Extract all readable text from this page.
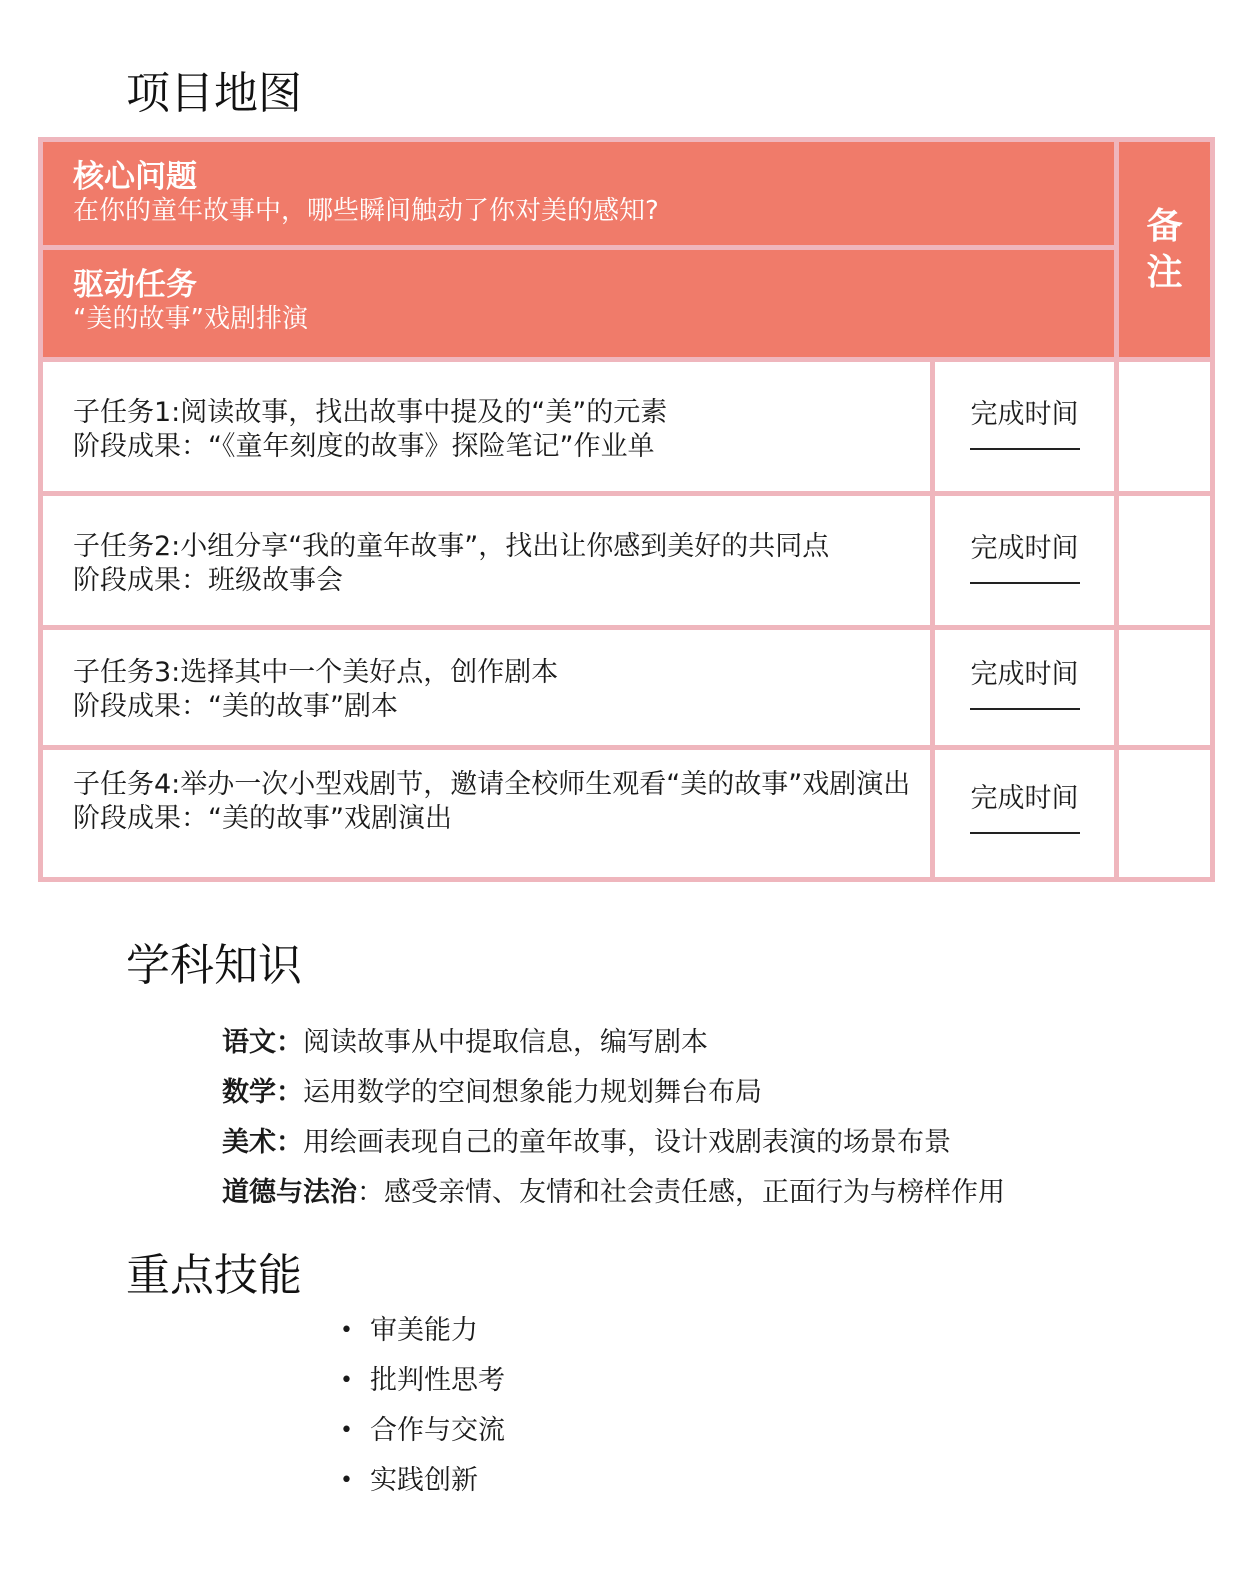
项目地图
核心问题
在你的童年故事中，哪些瞬间触动了你对美的感知?		备注

驱动任务
“美的故事”戏剧排演		

子任务1:阅读故事，找出故事中提及的“美”的元素
阶段成果：“《童年刻度的故事》探险笔记”作业单	完成时间

子任务2:小组分享“我的童年故事”，找出让你感到美好的共同点
阶段成果：班级故事会	完成时间

子任务3:选择其中一个美好点，创作剧本
阶段成果：“美的故事”剧本	完成时间

子任务4:举办一次小型戏剧节，邀请全校师生观看“美的故事”戏剧演出
阶段成果：“美的故事”戏剧演出	完成时间

学科知识
语文：阅读故事从中提取信息，编写剧本
数学：运用数学的空间想象能力规划舞台布局
美术：用绘画表现自己的童年故事，设计戏剧表演的场景布景
道德与法治：感受亲情、友情和社会责任感，正面行为与榜样作用
重点技能
• 审美能力
• 批判性思考
• 合作与交流
• 实践创新
